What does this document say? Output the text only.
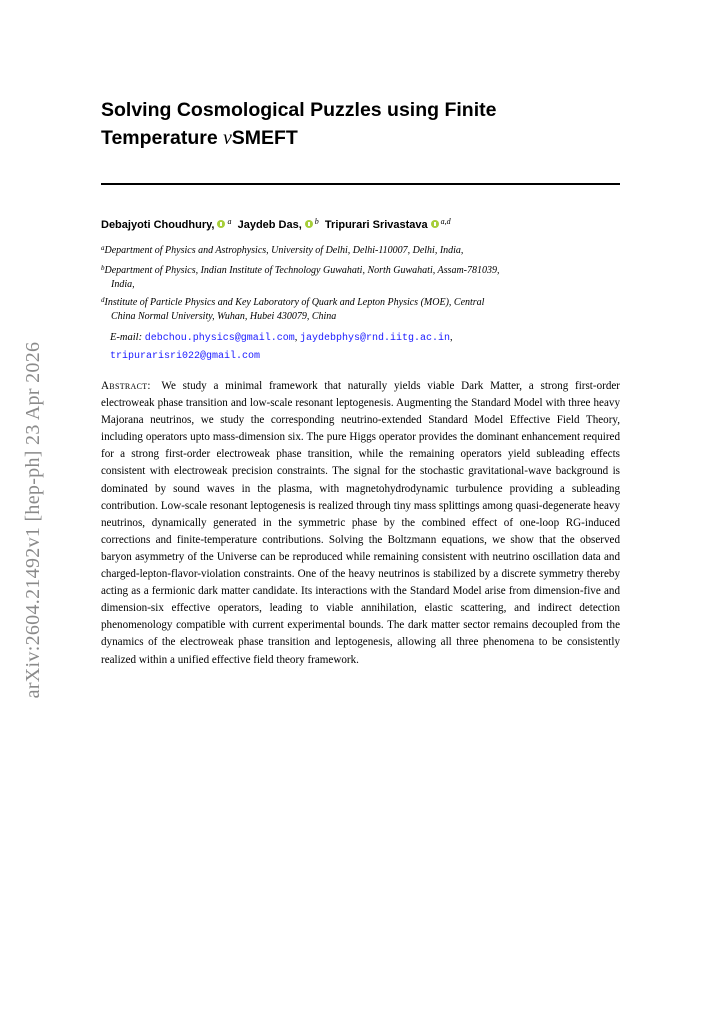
arXiv:2604.21492v1 [hep-ph] 23 Apr 2026
Solving Cosmological Puzzles using Finite
Temperature νSMEFT
Debajyoti Choudhury, $^a$ Jaydeb Das, $^b$ Tripurari Srivastava $^{a,d}$
$^a$Department of Physics and Astrophysics, University of Delhi, Delhi-110007, Delhi, India,
$^b$Department of Physics, Indian Institute of Technology Guwahati, North Guwahati, Assam-781039,
India,
$^d$Institute of Particle Physics and Key Laboratory of Quark and Lepton Physics (MOE), Central
China Normal University, Wuhan, Hubei 430079, China
E-mail: debchou.physics@gmail.com, jaydebphys@rnd.iitg.ac.in,
tripurarisri022@gmail.com

Abstract: We study a minimal framework that naturally yields viable Dark Matter, a strong first-order electroweak phase transition and low-scale resonant leptogenesis. Augmenting the Standard Model with three heavy Majorana neutrinos, we study the corresponding neutrino-extended Standard Model Effective Field Theory, including operators upto mass-dimension six. The pure Higgs operator provides the dominant enhancement required for a strong first-order electroweak phase transition, while the remaining operators yield subleading effects consistent with electroweak precision constraints. The signal for the stochastic gravitational-wave background is dominated by sound waves in the plasma, with magnetohydrodynamic turbulence providing a subleading contribution. Low-scale resonant leptogenesis is realized through tiny mass splittings among quasi-degenerate heavy neutrinos, dynamically generated in the symmetric phase by the combined effect of one-loop RG-induced corrections and finite-temperature contributions. Solving the Boltzmann equations, we show that the observed baryon asymmetry of the Universe can be reproduced while remaining consistent with neutrino oscillation data and charged-lepton-flavor-violation constraints. One of the heavy neutrinos is stabilized by a discrete symmetry thereby acting as a fermionic dark matter candidate. Its interactions with the Standard Model arise from dimension-five and dimension-six effective operators, leading to viable annihilation, elastic scattering, and indirect detection phenomenology compatible with current experimental bounds. The dark matter sector remains decoupled from the dynamics of the electroweak phase transition and leptogenesis, allowing all three phenomena to be consistently realized within a unified effective field theory framework.
